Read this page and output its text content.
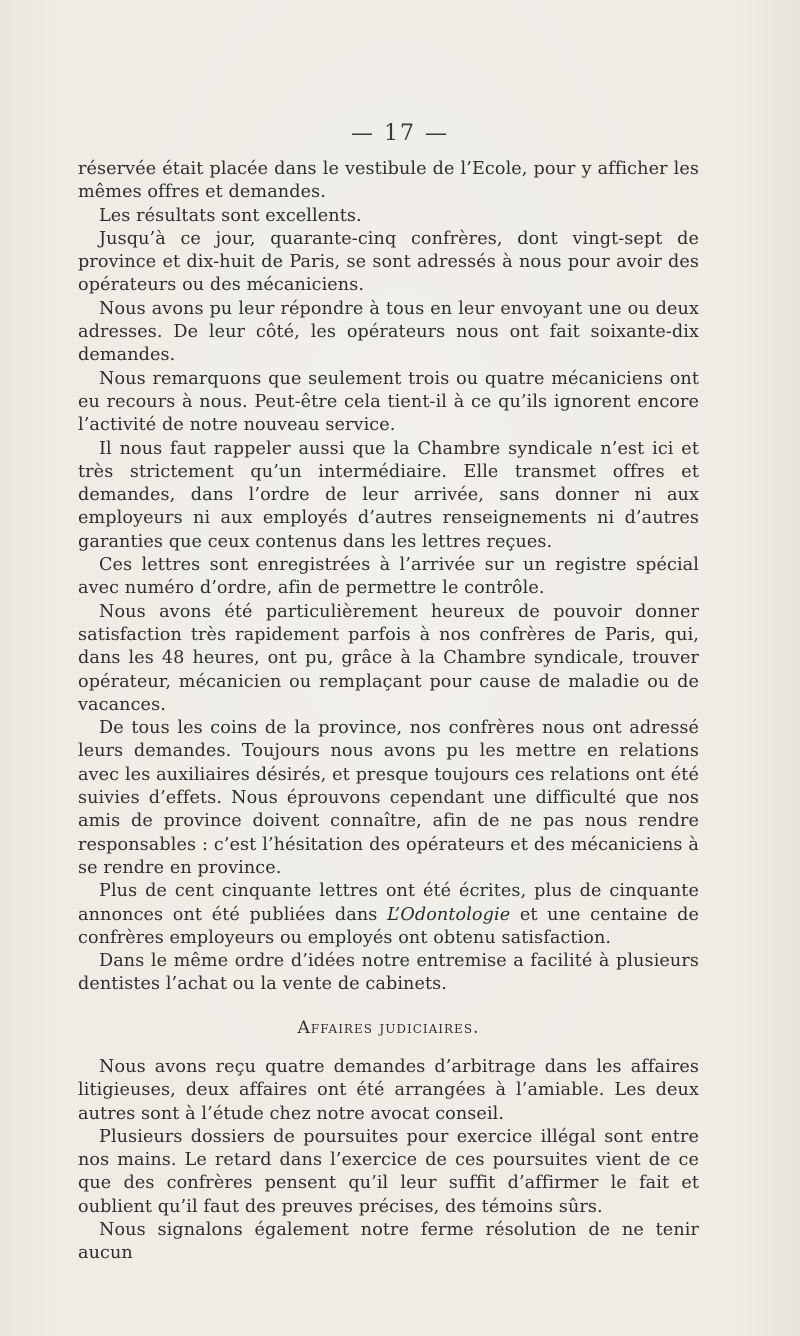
— 17 —

réservée était placée dans le vestibule de l’Ecole, pour y afficher les mêmes offres et demandes.

Les résultats sont excellents.

Jusqu’à ce jour, quarante-cinq confrères, dont vingt-sept de province et dix-huit de Paris, se sont adressés à nous pour avoir des opérateurs ou des mécaniciens.

Nous avons pu leur répondre à tous en leur envoyant une ou deux adresses. De leur côté, les opérateurs nous ont fait soixante-dix demandes.

Nous remarquons que seulement trois ou quatre mécaniciens ont eu recours à nous. Peut-être cela tient-il à ce qu’ils ignorent encore l’activité de notre nouveau service.

Il nous faut rappeler aussi que la Chambre syndicale n’est ici et très strictement qu’un intermédiaire. Elle transmet offres et demandes, dans l’ordre de leur arrivée, sans donner ni aux employeurs ni aux employés d’autres renseignements ni d’autres garanties que ceux contenus dans les lettres reçues.

Ces lettres sont enregistrées à l’arrivée sur un registre spécial avec numéro d’ordre, afin de permettre le contrôle.

Nous avons été particulièrement heureux de pouvoir donner satisfaction très rapidement parfois à nos confrères de Paris, qui, dans les 48 heures, ont pu, grâce à la Chambre syndicale, trouver opérateur, mécanicien ou remplaçant pour cause de maladie ou de vacances.

De tous les coins de la province, nos confrères nous ont adressé leurs demandes. Toujours nous avons pu les mettre en relations avec les auxiliaires désirés, et presque toujours ces relations ont été suivies d’effets. Nous éprouvons cependant une difficulté que nos amis de province doivent connaître, afin de ne pas nous rendre responsables : c’est l’hésitation des opérateurs et des mécaniciens à se rendre en province.

Plus de cent cinquante lettres ont été écrites, plus de cinquante annonces ont été publiées dans L’Odontologie et une centaine de confrères employeurs ou employés ont obtenu satisfaction.

Dans le même ordre d’idées notre entremise a facilité à plusieurs dentistes l’achat ou la vente de cabinets.

Affaires judiciaires.

Nous avons reçu quatre demandes d’arbitrage dans les affaires litigieuses, deux affaires ont été arrangées à l’amiable. Les deux autres sont à l’étude chez notre avocat conseil.

Plusieurs dossiers de poursuites pour exercice illégal sont entre nos mains. Le retard dans l’exercice de ces poursuites vient de ce que des confrères pensent qu’il leur suffit d’affirmer le fait et oublient qu’il faut des preuves précises, des témoins sûrs.

Nous signalons également notre ferme résolution de ne tenir aucun
